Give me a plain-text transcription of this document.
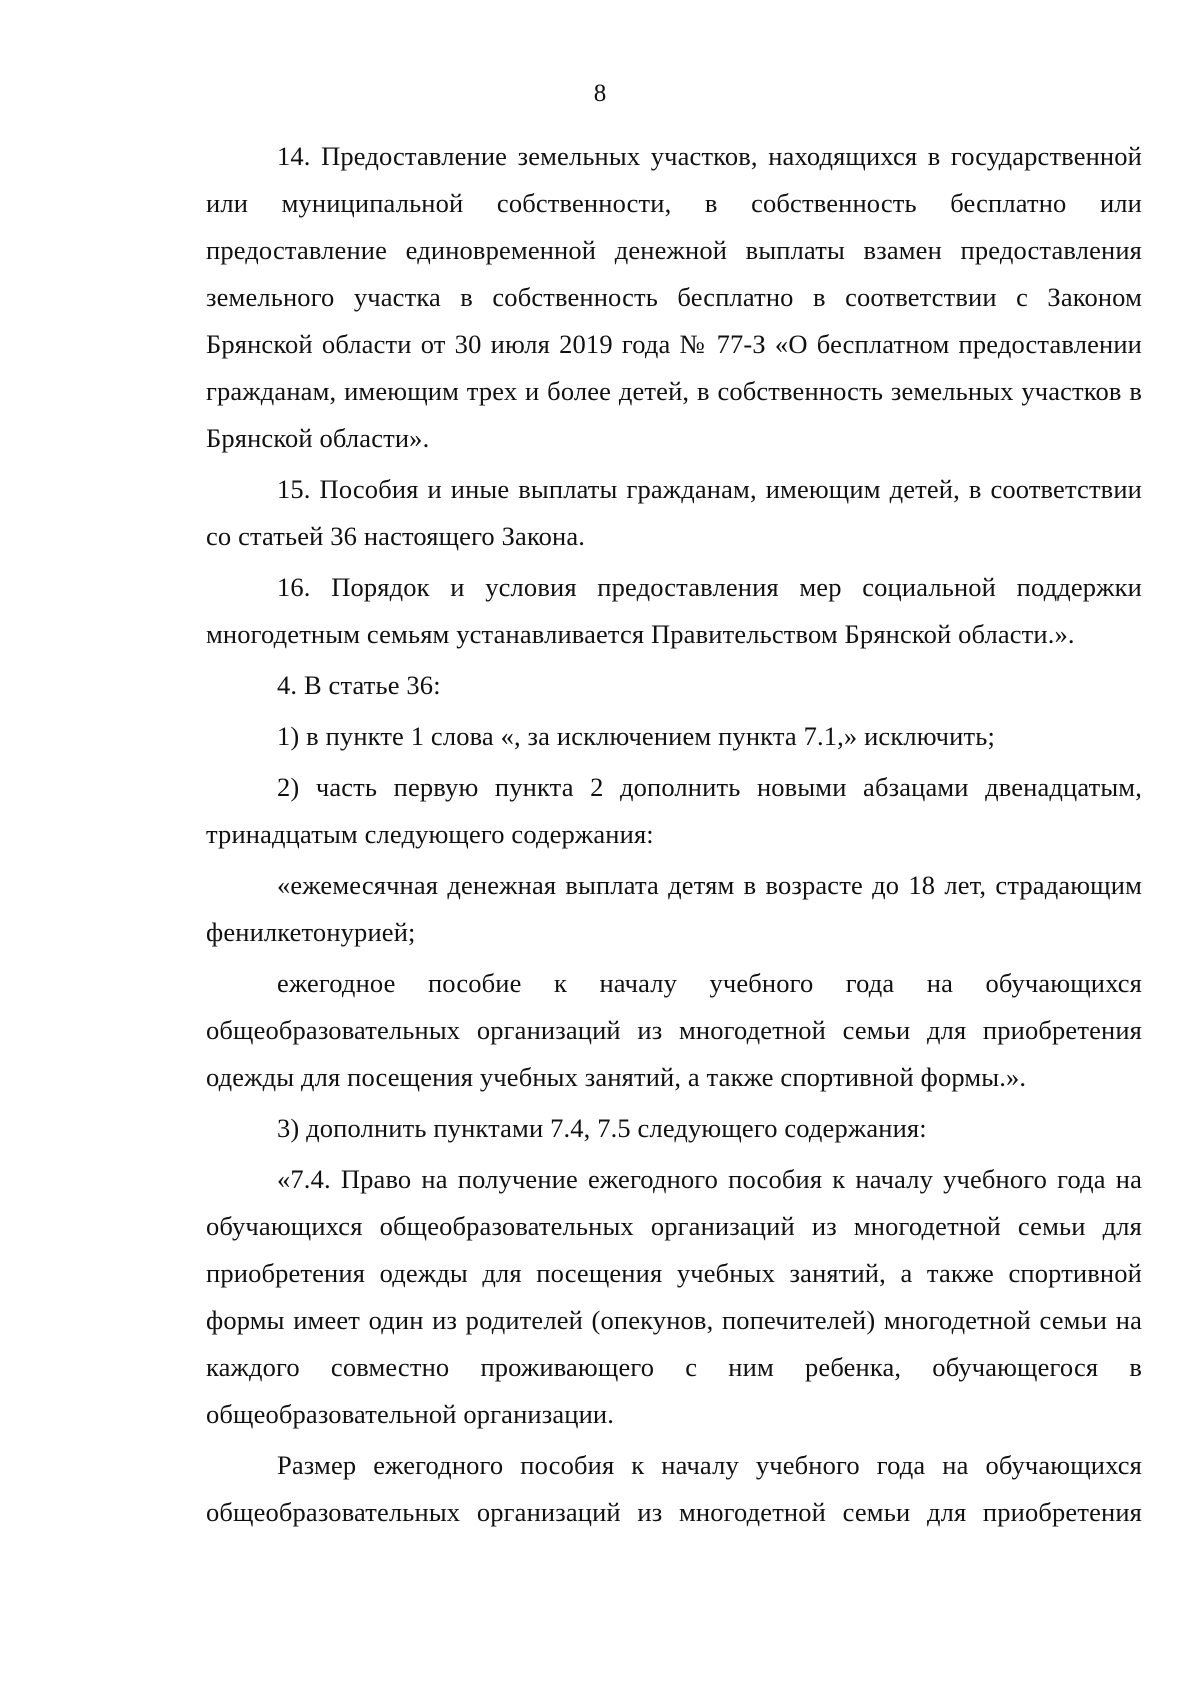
8

14. Предоставление земельных участков, находящихся в государственной или муниципальной собственности, в собственность бесплатно или предоставление единовременной денежной выплаты взамен предоставления земельного участка в собственность бесплатно в соответствии с Законом Брянской области от 30 июля 2019 года № 77-З «О бесплатном предоставлении гражданам, имеющим трех и более детей, в собственность земельных участков в Брянской области».

15. Пособия и иные выплаты гражданам, имеющим детей, в соответствии со статьей 36 настоящего Закона.

16. Порядок и условия предоставления мер социальной поддержки многодетным семьям устанавливается Правительством Брянской области.».

4. В статье 36:

1) в пункте 1 слова «, за исключением пункта 7.1,» исключить;

2) часть первую пункта 2 дополнить новыми абзацами двенадцатым, тринадцатым следующего содержания:

«ежемесячная денежная выплата детям в возрасте до 18 лет, страдающим фенилкетонурией;

ежегодное пособие к началу учебного года на обучающихся общеобразовательных организаций из многодетной семьи для приобретения одежды для посещения учебных занятий, а также спортивной формы.».

3) дополнить пунктами 7.4, 7.5 следующего содержания:

«7.4. Право на получение ежегодного пособия к началу учебного года на обучающихся общеобразовательных организаций из многодетной семьи для приобретения одежды для посещения учебных занятий, а также спортивной формы имеет один из родителей (опекунов, попечителей) многодетной семьи на каждого совместно проживающего с ним ребенка, обучающегося в общеобразовательной организации.

Размер ежегодного пособия к началу учебного года на обучающихся общеобразовательных организаций из многодетной семьи для приобретения
